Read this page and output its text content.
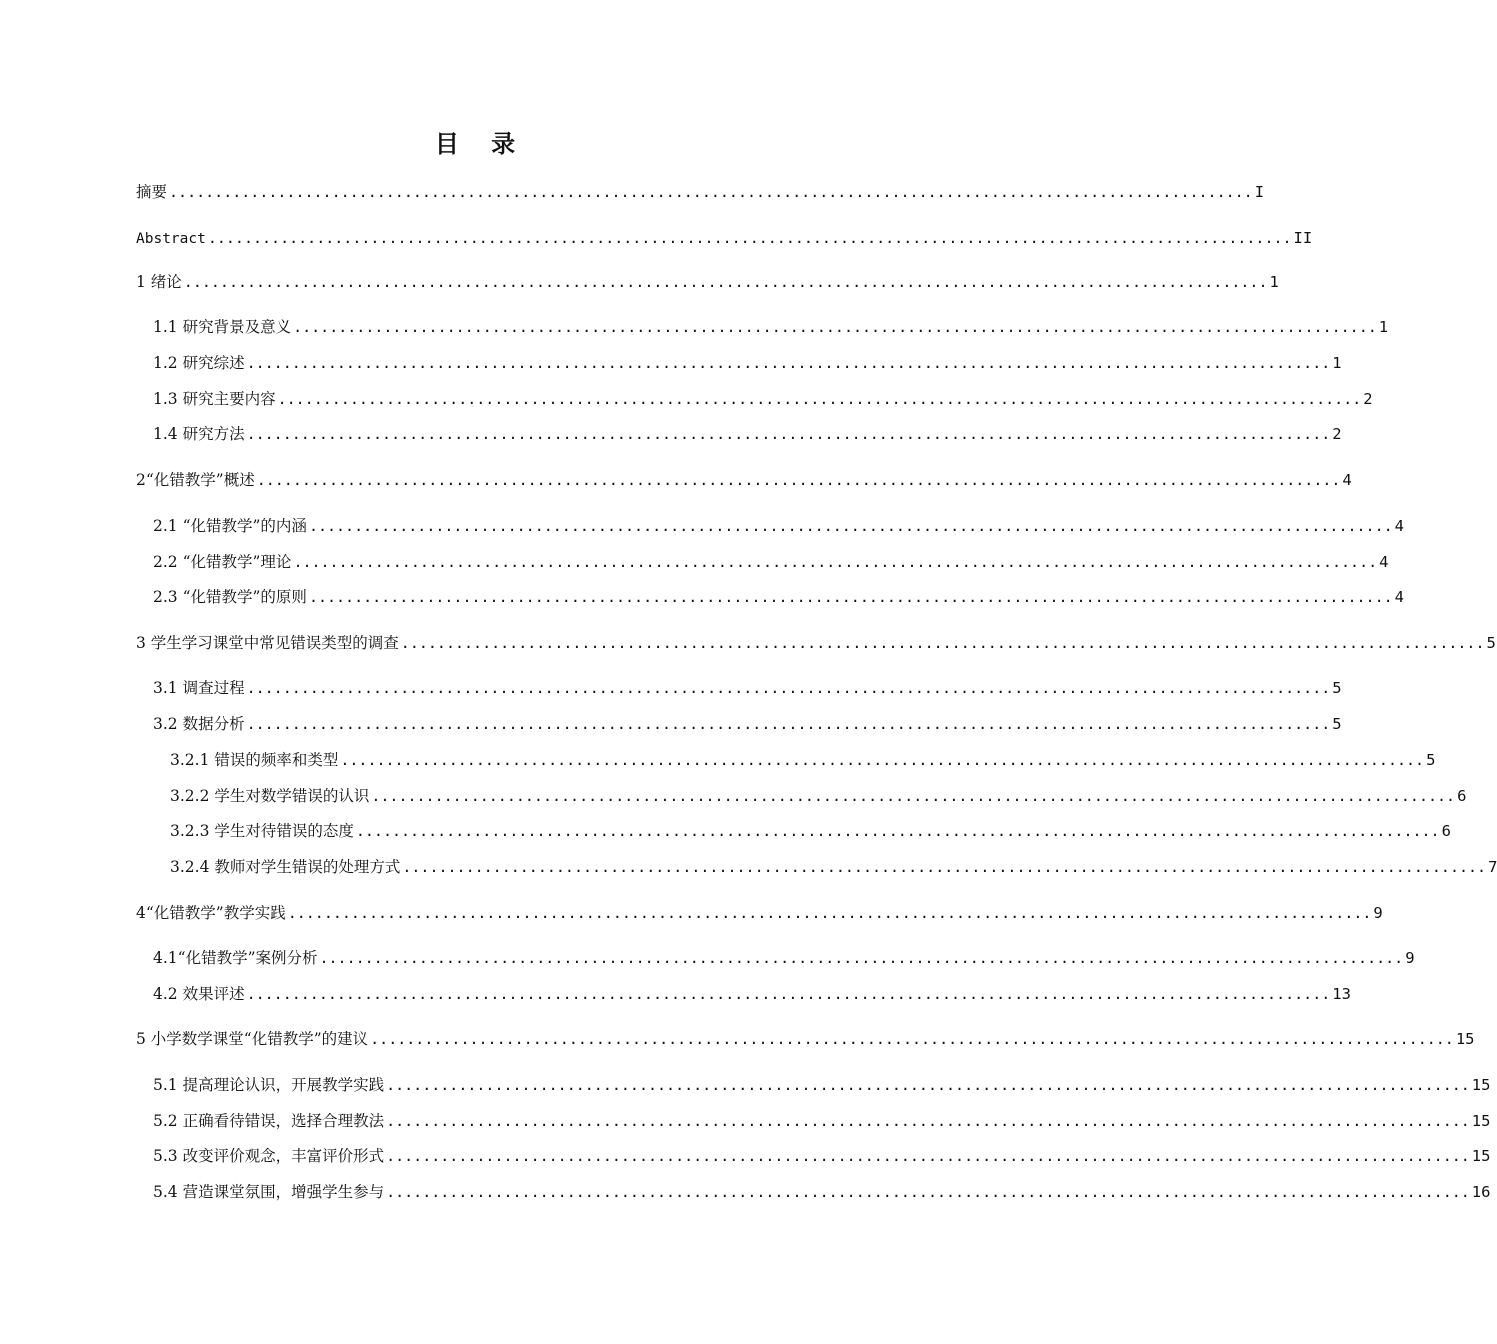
目 录
摘要 ........................................................................................................................ I
Abstract ........................................................................................................................ II
1 绪论 ........................................................................................................................ 1
1.1 研究背景及意义 ........................................................................................................................ 1
1.2 研究综述 ........................................................................................................................ 1
1.3 研究主要内容 ........................................................................................................................ 2
1.4 研究方法 ........................................................................................................................ 2
2“化错教学”概述 ........................................................................................................................ 4
2.1 “化错教学”的内涵 ........................................................................................................................ 4
2.2 “化错教学”理论 ........................................................................................................................ 4
2.3 “化错教学”的原则 ........................................................................................................................ 4
3 学生学习课堂中常见错误类型的调查 ........................................................................................................................ 5
3.1 调查过程 ........................................................................................................................ 5
3.2 数据分析 ........................................................................................................................ 5
3.2.1 错误的频率和类型 ........................................................................................................................ 5
3.2.2 学生对数学错误的认识 ........................................................................................................................ 6
3.2.3 学生对待错误的态度 ........................................................................................................................ 6
3.2.4 教师对学生错误的处理方式 ........................................................................................................................ 7
4“化错教学”教学实践 ........................................................................................................................ 9
4.1“化错教学”案例分析 ........................................................................................................................ 9
4.2 效果评述 ........................................................................................................................ 13
5 小学数学课堂“化错教学”的建议 ........................................................................................................................ 15
5.1 提高理论认识，开展教学实践 ........................................................................................................................ 15
5.2 正确看待错误，选择合理教法 ........................................................................................................................ 15
5.3 改变评价观念，丰富评价形式 ........................................................................................................................ 15
5.4 营造课堂氛围，增强学生参与 ........................................................................................................................ 16
